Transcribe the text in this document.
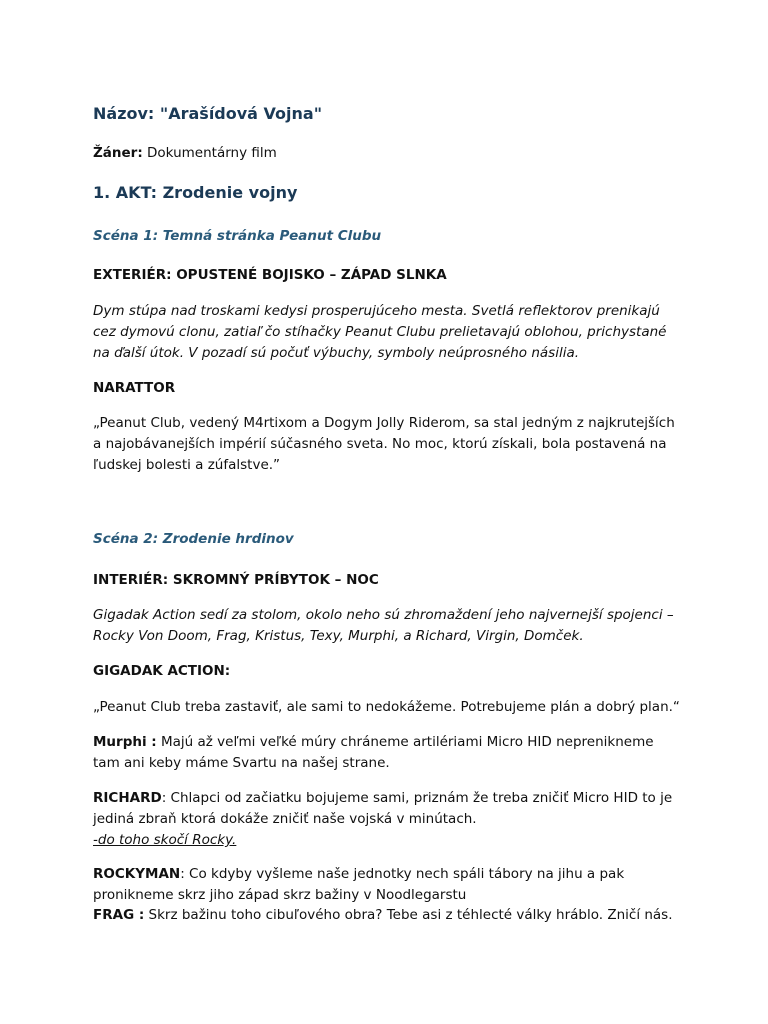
Názov: "Arašídová Vojna"

Žáner: Dokumentárny film

1. AKT: Zrodenie vojny

Scéna 1: Temná stránka Peanut Clubu

EXTERIÉR: OPUSTENÉ BOJISKO – ZÁPAD SLNKA

Dym stúpa nad troskami kedysi prosperujúceho mesta. Svetlá reflektorov prenikajú cez dymovú clonu, zatiaľ čo stíhačky Peanut Clubu prelietavajú oblohou, prichystané na ďalší útok. V pozadí sú počuť výbuchy, symboly neúprosného násilia.

NARATTOR

„Peanut Club, vedený M4rtixom a Dogym Jolly Riderom, sa stal jedným z najkrutejších a najobávanejších impérií súčasného sveta. No moc, ktorú získali, bola postavená na ľudskej bolesti a zúfalstve.”

Scéna 2: Zrodenie hrdinov

INTERIÉR: SKROMNÝ PRÍBYTOK – NOC

Gigadak Action sedí za stolom, okolo neho sú zhromaždení jeho najvernejší spojenci – Rocky Von Doom, Frag, Kristus, Texy, Murphi, a Richard, Virgin, Domček.

GIGADAK ACTION:

„Peanut Club treba zastaviť, ale sami to nedokážeme. Potrebujeme plán a dobrý plan.“

Murphi : Majú až veľmi veľké múry chráneme artilériami Micro HID neprenikneme tam ani keby máme Svartu na našej strane.

RICHARD: Chlapci od začiatku bojujeme sami, priznám že treba zničiť Micro HID to je jediná zbraň ktorá dokáže zničiť naše vojská v minútach.
-do toho skočí Rocky.

ROCKYMAN: Co kdyby vyšleme naše jednotky nech spáli tábory na jihu a pak pronikneme skrz jiho západ skrz bažiny v Noodlegarstu

FRAG : Skrz bažinu toho cibuľového obra? Tebe asi z téhlecté války hráblo. Zničí nás.
